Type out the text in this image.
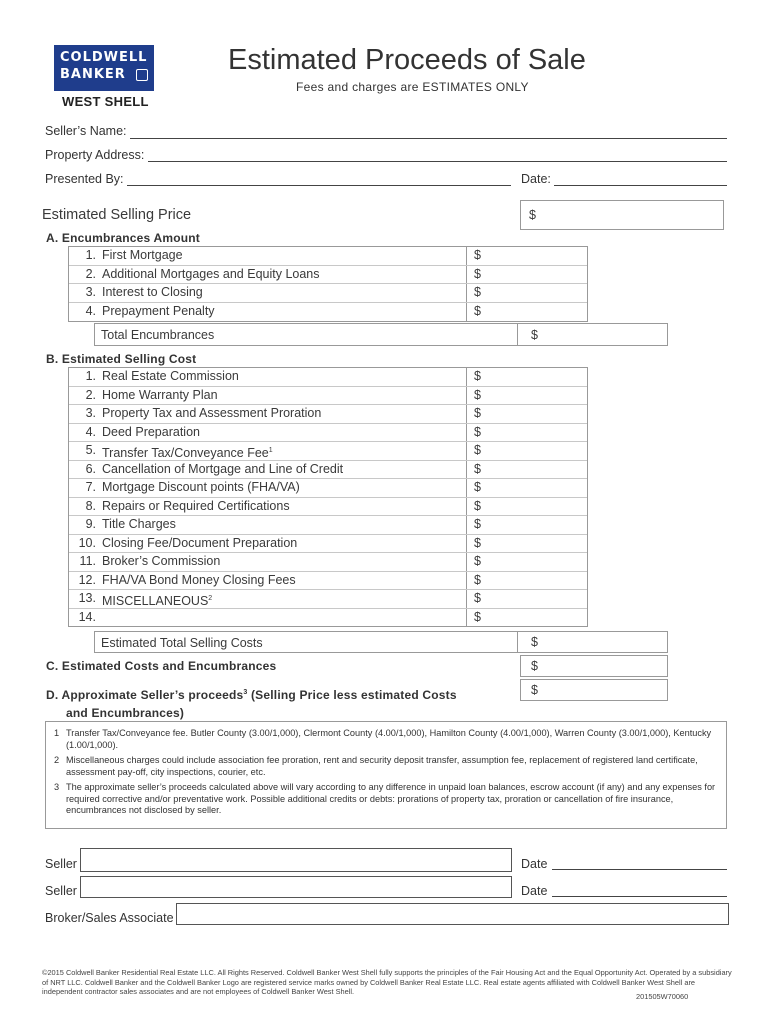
COLDWELL
BANKER
WEST SHELL
Estimated Proceeds of Sale
Fees and charges are ESTIMATES ONLY
Seller’s Name:
Property Address:
Presented By:	Date:
Estimated Selling Price	$
A. Encumbrances Amount
1. First Mortgage	$
2. Additional Mortgages and Equity Loans	$
3. Interest to Closing	$
4. Prepayment Penalty	$
Total Encumbrances	$
B. Estimated Selling Cost
1. Real Estate Commission	$
2. Home Warranty Plan	$
3. Property Tax and Assessment Proration	$
4. Deed Preparation	$
5. Transfer Tax/Conveyance Fee$^1$	$
6. Cancellation of Mortgage and Line of Credit	$
7. Mortgage Discount points (FHA/VA)	$
8. Repairs or Required Certifications	$
9. Title Charges	$
10. Closing Fee/Document Preparation	$
11. Broker’s Commission	$
12. FHA/VA Bond Money Closing Fees	$
13. MISCELLANEOUS$^2$	$
14.	$
Estimated Total Selling Costs	$
C. Estimated Costs and Encumbrances	$
D. Approximate Seller’s proceeds$^3$ (Selling Price less estimated Costs
and Encumbrances)
$
1 Transfer Tax/Conveyance fee. Butler County (3.00/1,000), Clermont County (4.00/1,000), Hamilton County (4.00/1,000), Warren County (3.00/1,000), Kentucky (1.00/1,000).
2 Miscellaneous charges could include association fee proration, rent and security deposit transfer, assumption fee, replacement of registered land certificate, assessment pay-off, city inspections, courier, etc.
3 The approximate seller’s proceeds calculated above will vary according to any difference in unpaid loan balances, escrow account (if any) and any expenses for required corrective and/or preventative work. Possible additional credits or debts: prorations of property tax, proration or cancellation of fire insurance, encumbrances not disclosed by seller.
Seller	Date
Seller	Date
Broker/Sales Associate
©2015 Coldwell Banker Residential Real Estate LLC. All Rights Reserved. Coldwell Banker West Shell fully supports the principles of the Fair Housing Act and the Equal Opportunity Act. Operated by a subsidiary of NRT LLC. Coldwell Banker and the Coldwell Banker Logo are registered service marks owned by Coldwell Banker Real Estate LLC. Real estate agents affiliated with Coldwell Banker West Shell are independent contractor sales associates and are not employees of Coldwell Banker West Shell.
201505W70060
